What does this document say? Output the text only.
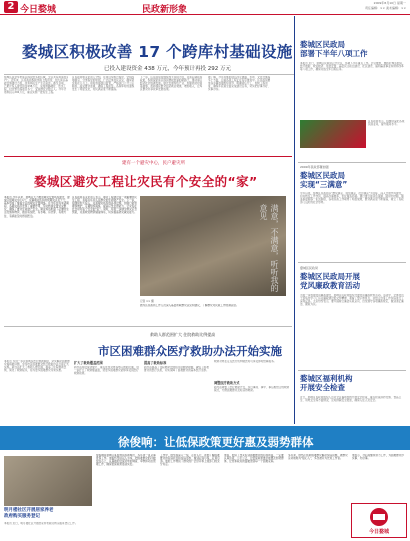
2 今日婺城	民政新形象
2009年8月10日 星期一
责任编辑：×× 美术编辑：××
婺城区积极改善 17 个跨库村基础设施
已投入建设资金 438 万元，今年预计再投 292 万元
婺城区是金华市库区移民较多的区域，全区共有跨库村17个。近年来，区民政局积极争取上级资金，加大库区基础设施建设力度，改善移民生产生活条件。截至目前，已累计投入建设资金438万元，完成道路硬化、饮水工程、村庄整治等项目多个，受益群众达数万人。今年计划再投入292万元，重点实施一批民生工程。
区民政局相关负责人介绍，在项目实施过程中，坚持因地制宜、分类指导的原则，广泛征求村民意见，确保资金用在刀刃上。同时加强项目监管，严格执行公开公示制度，接受群众监督，确保工程质量。各跨库村的面貌发生了明显变化，村民满意度不断提高。
下一步，区民政局将继续加大扶持力度，完善后期扶持政策，积极探索库区移民增收致富的新路子，推动库区经济社会协调发展。通过发展特色产业、加强技能培训等措施，帮助移民群众拓宽就业渠道，增加收入，让库区群众共享改革发展成果。
据了解，今年实施的项目涉及道路、水利、文化设施等多个方面，目前各项工程正在有序推进中。区民政局要求各乡镇加强组织领导，明确责任分工，加快工程进度，确保年底前全面完成建设任务，切实把好事办好、实事办实。
婺城区民政局
部署下半年八项工作
本报讯 近日，婺城区民政局召开会议，部署下半年重点工作。会议要求，要抓好城乡低保、医疗救助、救灾救济、优抚安置、基层民主政治建设、社区建设、福利慈善事业和殡葬改革等八项工作，确保完成全年目标任务。
区民政局表示，将继续深化各项民政业务，提升服务水平。
2009年民政部署加强
婺城区民政局
实现“三满意”
今年以来，婺城区民政局以“群众满意、领导满意、社会满意”为目标，深入开展作风建设，切实转变工作作风，提高办事效率，优化服务环境。通过推行首问负责制、限时办结制、服务承诺制等一系列制度，各项民政工作取得了明显成效，群众满意度不断提高，树立了民政部门良好的社会形象。
婺城区民政局
婺城区民政局开展
党风廉政教育活动
为进一步加强党风廉政建设，婺城区民政局组织开展党风廉政教育活动。活动中，全体党员干部集中学习了有关廉政建设的文件精神，观看了警示教育片，并结合自身工作实际进行了深刻反思。大家纷纷表示，要牢固树立廉洁从政意识，自觉遵守各项廉政规定，做到清正廉洁、勤政为民。
婺城区福利机构
开展安全检查
近日，婺城区民政局组织人员对全区福利机构开展安全检查，重点检查消防设施、食品卫生、用电安全等方面情况，及时排除安全隐患，确保入住人员安全。
建有一个避灾中心，民户避灾所
婺城区避灾工程让灾民有个安全的“家”
本报讯 今年以来，婺城区大力推进避灾安置场所建设，建成区级避灾中心1个，乡镇避灾所和村级避灾点若干个，基本形成了覆盖全区的避灾安置网络。在今年台风来袭期间，各避灾场所发挥了重要作用，及时转移安置受灾群众，确保了群众生命财产安全。避灾场所配备了必要的生活设施和物资，做到有饭吃、有水喝、有衣穿、有地方住、有病能及时得到医治。
区民政局有关负责人表示，避灾工程建设是一项重要的民生工程，直接关系到人民群众的生命财产安全。下一步，将继续加大投入，完善避灾场所的各项设施，加强日常管理和维护，定期组织演练，提高应急处置能力，让灾民在危急时刻有个安全的“家”。同时，将进一步健全救灾应急预案，完善救灾物资储备体系，切实提高防灾减灾能力。	满意，不满意，听听我的意见
记者 ×× 摄
图为区民政局工作人员深入基层听取群众意见和建议，了解群众对民政工作的满意度。
救助人群范围扩大 住院救助比例提高
市区困难群众医疗救助办法开始实施
本报讯 为进一步完善城乡医疗救助制度，切实解决困难群众看病难问题，金华市区困难群众医疗救助办法日前正式实施。新办法扩大了救助人群范围，提高了住院救助比例，简化了救助程序，将为更多困难群众带来实惠。
扩大了救助覆盖范围
新办法将低保边缘户、重点优抚对象等纳入救助范围，进一步扩大了救助覆盖面，使更多困难群众能够享受到医疗救助政策。
提高了救助标准
新办法提高了住院救助比例和年度救助限额，减轻了困难群众的医疗负担，切实保障了困难群众的基本医疗需求。
调整医疗救助方式
救助对象在定点医疗机构就医时可享受即时结算服务。
新办法调整了医疗救助方式，实行事前、事中、事后相结合的救助模式，方便困难群众及时获得救助。
徐俊响：让低保政策更好惠及弱势群体
明月楼社区开展居家养老
政府购买服务登记
本报讯 近日，明月楼社区开展居家养老政府购买服务登记工作。
徐俊响是婺城区某街道民政助理员，多年来一直从事低保工作。他始终坚持以人为本，把困难群众的冷暖放在心上，认真做好低保对象的调查、审核和动态管理工作，确保低保政策落到实处。
工作中，他坚持深入一线，走村入户，详细了解困难群众的家庭状况和实际需求，做到应保尽保、应退尽退。他的工作得到了群众的广泛好评和上级部门的充分肯定。
他说，低保工作关系到困难群众的切身利益，一定要认真负责，公平公正，让低保政策更好地惠及弱势群体，让党和政府的温暖送到每一个困难家庭。
多年来，他热心帮助困难群众解决实际问题，被群众亲切地称为“贴心人”，多次被评为先进工作者。
他表示，今后将继续努力工作，为困难群众办实事、办好事。
今日婺城
